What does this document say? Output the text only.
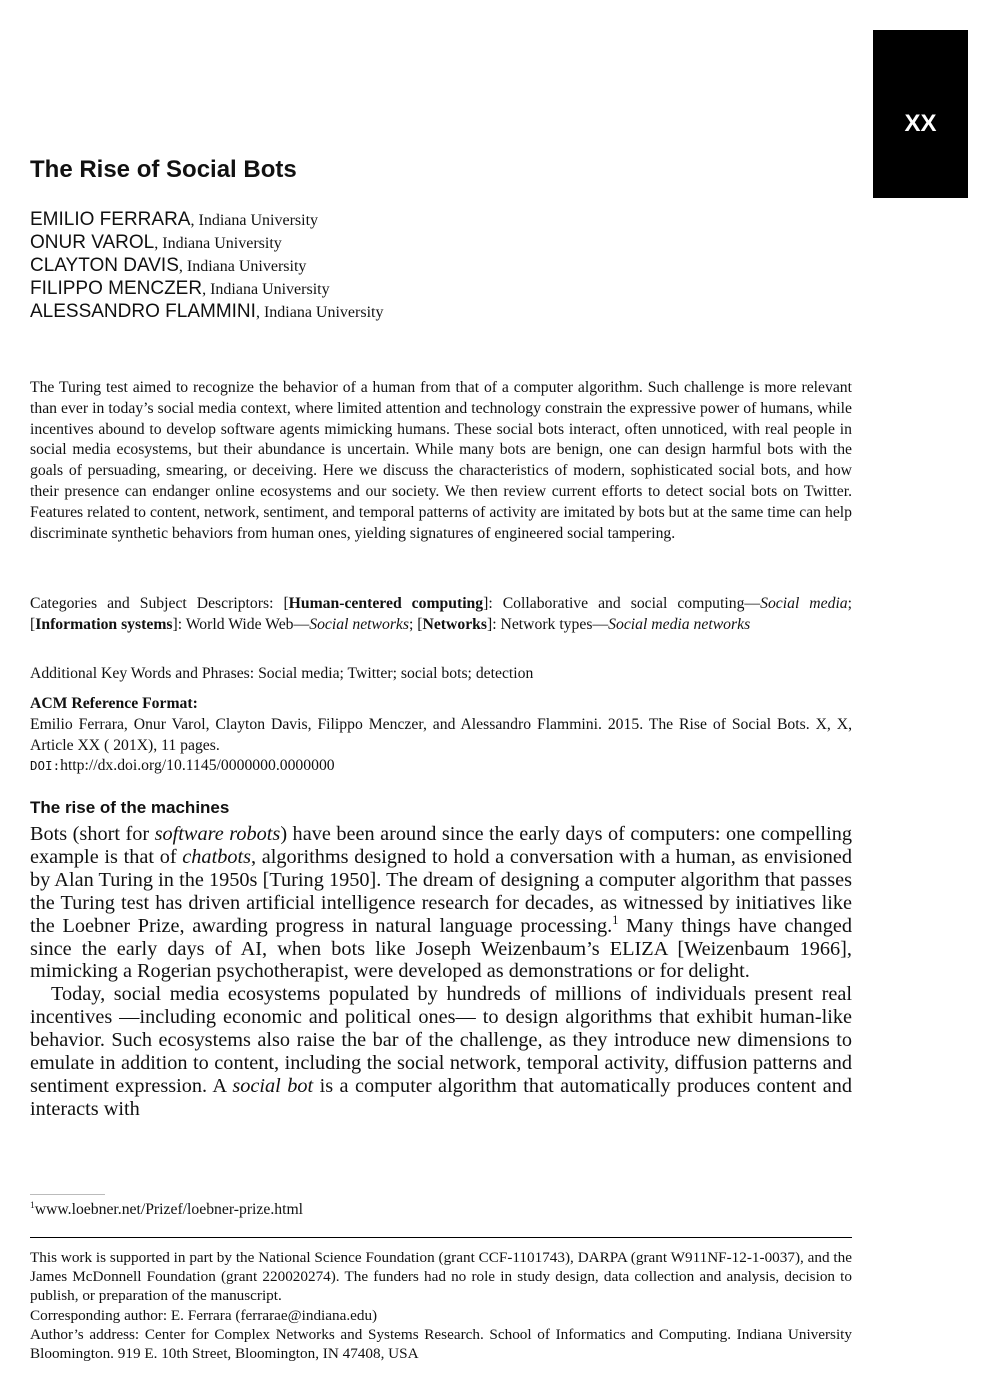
XX
The Rise of Social Bots
EMILIO FERRARA, Indiana University
ONUR VAROL, Indiana University
CLAYTON DAVIS, Indiana University
FILIPPO MENCZER, Indiana University
ALESSANDRO FLAMMINI, Indiana University
The Turing test aimed to recognize the behavior of a human from that of a computer algorithm. Such challenge is more relevant than ever in today’s social media context, where limited attention and technology constrain the expressive power of humans, while incentives abound to develop software agents mimicking humans. These social bots interact, often unnoticed, with real people in social media ecosystems, but their abundance is uncertain. While many bots are benign, one can design harmful bots with the goals of persuading, smearing, or deceiving. Here we discuss the characteristics of modern, sophisticated social bots, and how their presence can endanger online ecosystems and our society. We then review current efforts to detect social bots on Twitter. Features related to content, network, sentiment, and temporal patterns of activity are imitated by bots but at the same time can help discriminate synthetic behaviors from human ones, yielding signatures of engineered social tampering.
Categories and Subject Descriptors: [Human-centered computing]: Collaborative and social computing—Social media; [Information systems]: World Wide Web—Social networks; [Networks]: Network types—Social media networks
Additional Key Words and Phrases: Social media; Twitter; social bots; detection
ACM Reference Format:
Emilio Ferrara, Onur Varol, Clayton Davis, Filippo Menczer, and Alessandro Flammini. 2015. The Rise of Social Bots. X, X, Article XX ( 201X), 11 pages.
DOI:http://dx.doi.org/10.1145/0000000.0000000
The rise of the machines

Bots (short for software robots) have been around since the early days of computers: one compelling example is that of chatbots, algorithms designed to hold a conversation with a human, as envisioned by Alan Turing in the 1950s [Turing 1950]. The dream of designing a computer algorithm that passes the Turing test has driven artificial intelligence research for decades, as witnessed by initiatives like the Loebner Prize, awarding progress in natural language processing.$^1$ Many things have changed since the early days of AI, when bots like Joseph Weizenbaum’s ELIZA [Weizenbaum 1966], mimicking a Rogerian psychotherapist, were developed as demonstrations or for delight.

Today, social media ecosystems populated by hundreds of millions of individuals present real incentives —including economic and political ones— to design algorithms that exhibit human-like behavior. Such ecosystems also raise the bar of the challenge, as they introduce new dimensions to emulate in addition to content, including the social network, temporal activity, diffusion patterns and sentiment expression. A social bot is a computer algorithm that automatically produces content and interacts with

$^1$www.loebner.net/Prizef/loebner-prize.html

This work is supported in part by the National Science Foundation (grant CCF-1101743), DARPA (grant W911NF-12-1-0037), and the James McDonnell Foundation (grant 220020274). The funders had no role in study design, data collection and analysis, decision to publish, or preparation of the manuscript.

Corresponding author: E. Ferrara (ferrarae@indiana.edu)

Author’s address: Center for Complex Networks and Systems Research. School of Informatics and Computing. Indiana University Bloomington. 919 E. 10th Street, Bloomington, IN 47408, USA
